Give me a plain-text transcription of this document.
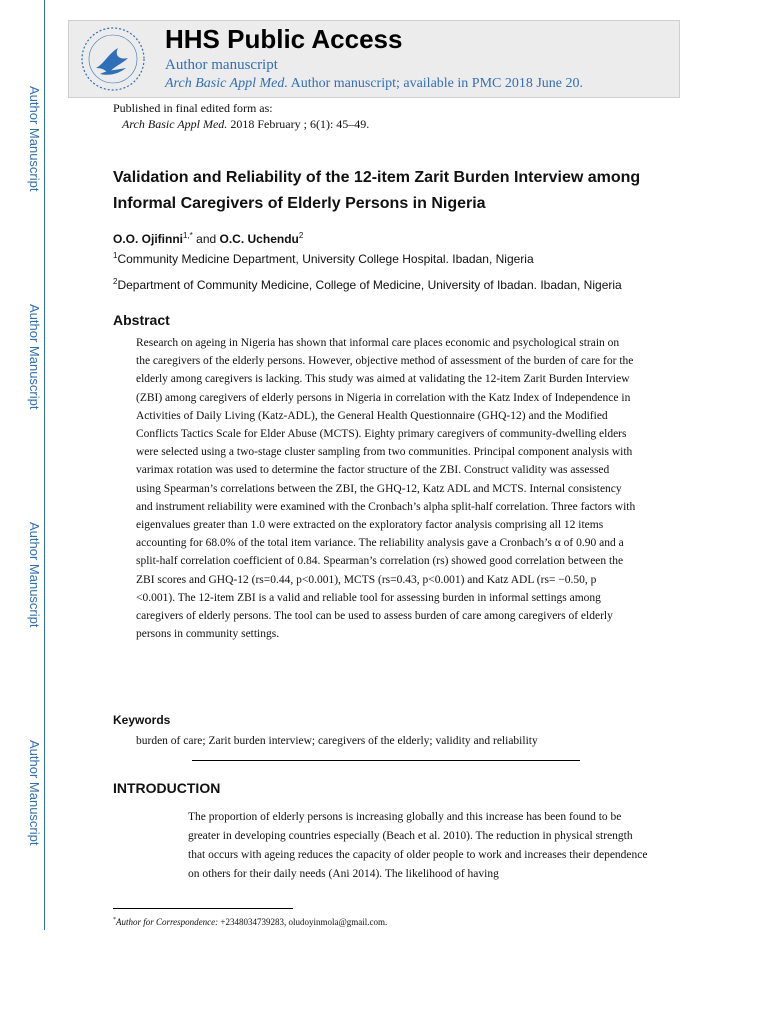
Author Manuscript
Author Manuscript
Author Manuscript
Author Manuscript
HHS Public Access
Author manuscript
Arch Basic Appl Med. Author manuscript; available in PMC 2018 June 20.
Published in final edited form as:
Arch Basic Appl Med. 2018 February ; 6(1): 45–49.
Validation and Reliability of the 12-item Zarit Burden Interview among Informal Caregivers of Elderly Persons in Nigeria
O.O. Ojifinni$^{1,*}$ and O.C. Uchendu$^2$
$^1$Community Medicine Department, University College Hospital. Ibadan, Nigeria
$^2$Department of Community Medicine, College of Medicine, University of Ibadan. Ibadan, Nigeria
Abstract
Research on ageing in Nigeria has shown that informal care places economic and psychological strain on the caregivers of the elderly persons. However, objective method of assessment of the burden of care for the elderly among caregivers is lacking. This study was aimed at validating the 12-item Zarit Burden Interview (ZBI) among caregivers of elderly persons in Nigeria in correlation with the Katz Index of Independence in Activities of Daily Living (Katz-ADL), the General Health Questionnaire (GHQ-12) and the Modified Conflicts Tactics Scale for Elder Abuse (MCTS). Eighty primary caregivers of community-dwelling elders were selected using a two-stage cluster sampling from two communities. Principal component analysis with varimax rotation was used to determine the factor structure of the ZBI. Construct validity was assessed using Spearman’s correlations between the ZBI, the GHQ-12, Katz ADL and MCTS. Internal consistency and instrument reliability were examined with the Cronbach’s alpha split-half correlation. Three factors with eigenvalues greater than 1.0 were extracted on the exploratory factor analysis comprising all 12 items accounting for 68.0% of the total item variance. The reliability analysis gave a Cronbach’s α of 0.90 and a split-half correlation coefficient of 0.84. Spearman’s correlation (rs) showed good correlation between the ZBI scores and GHQ-12 (rs=0.44, p<0.001), MCTS (rs=0.43, p<0.001) and Katz ADL (rs= −0.50, p <0.001). The 12-item ZBI is a valid and reliable tool for assessing burden in informal settings among caregivers of elderly persons. The tool can be used to assess burden of care among caregivers of elderly persons in community settings.
Keywords
burden of care; Zarit burden interview; caregivers of the elderly; validity and reliability
INTRODUCTION
The proportion of elderly persons is increasing globally and this increase has been found to be greater in developing countries especially (Beach et al. 2010). The reduction in physical strength that occurs with ageing reduces the capacity of older people to work and increases their dependence on others for their daily needs (Ani 2014). The likelihood of having
*Author for Correspondence: +2348034739283, oludoyinmola@gmail.com.
